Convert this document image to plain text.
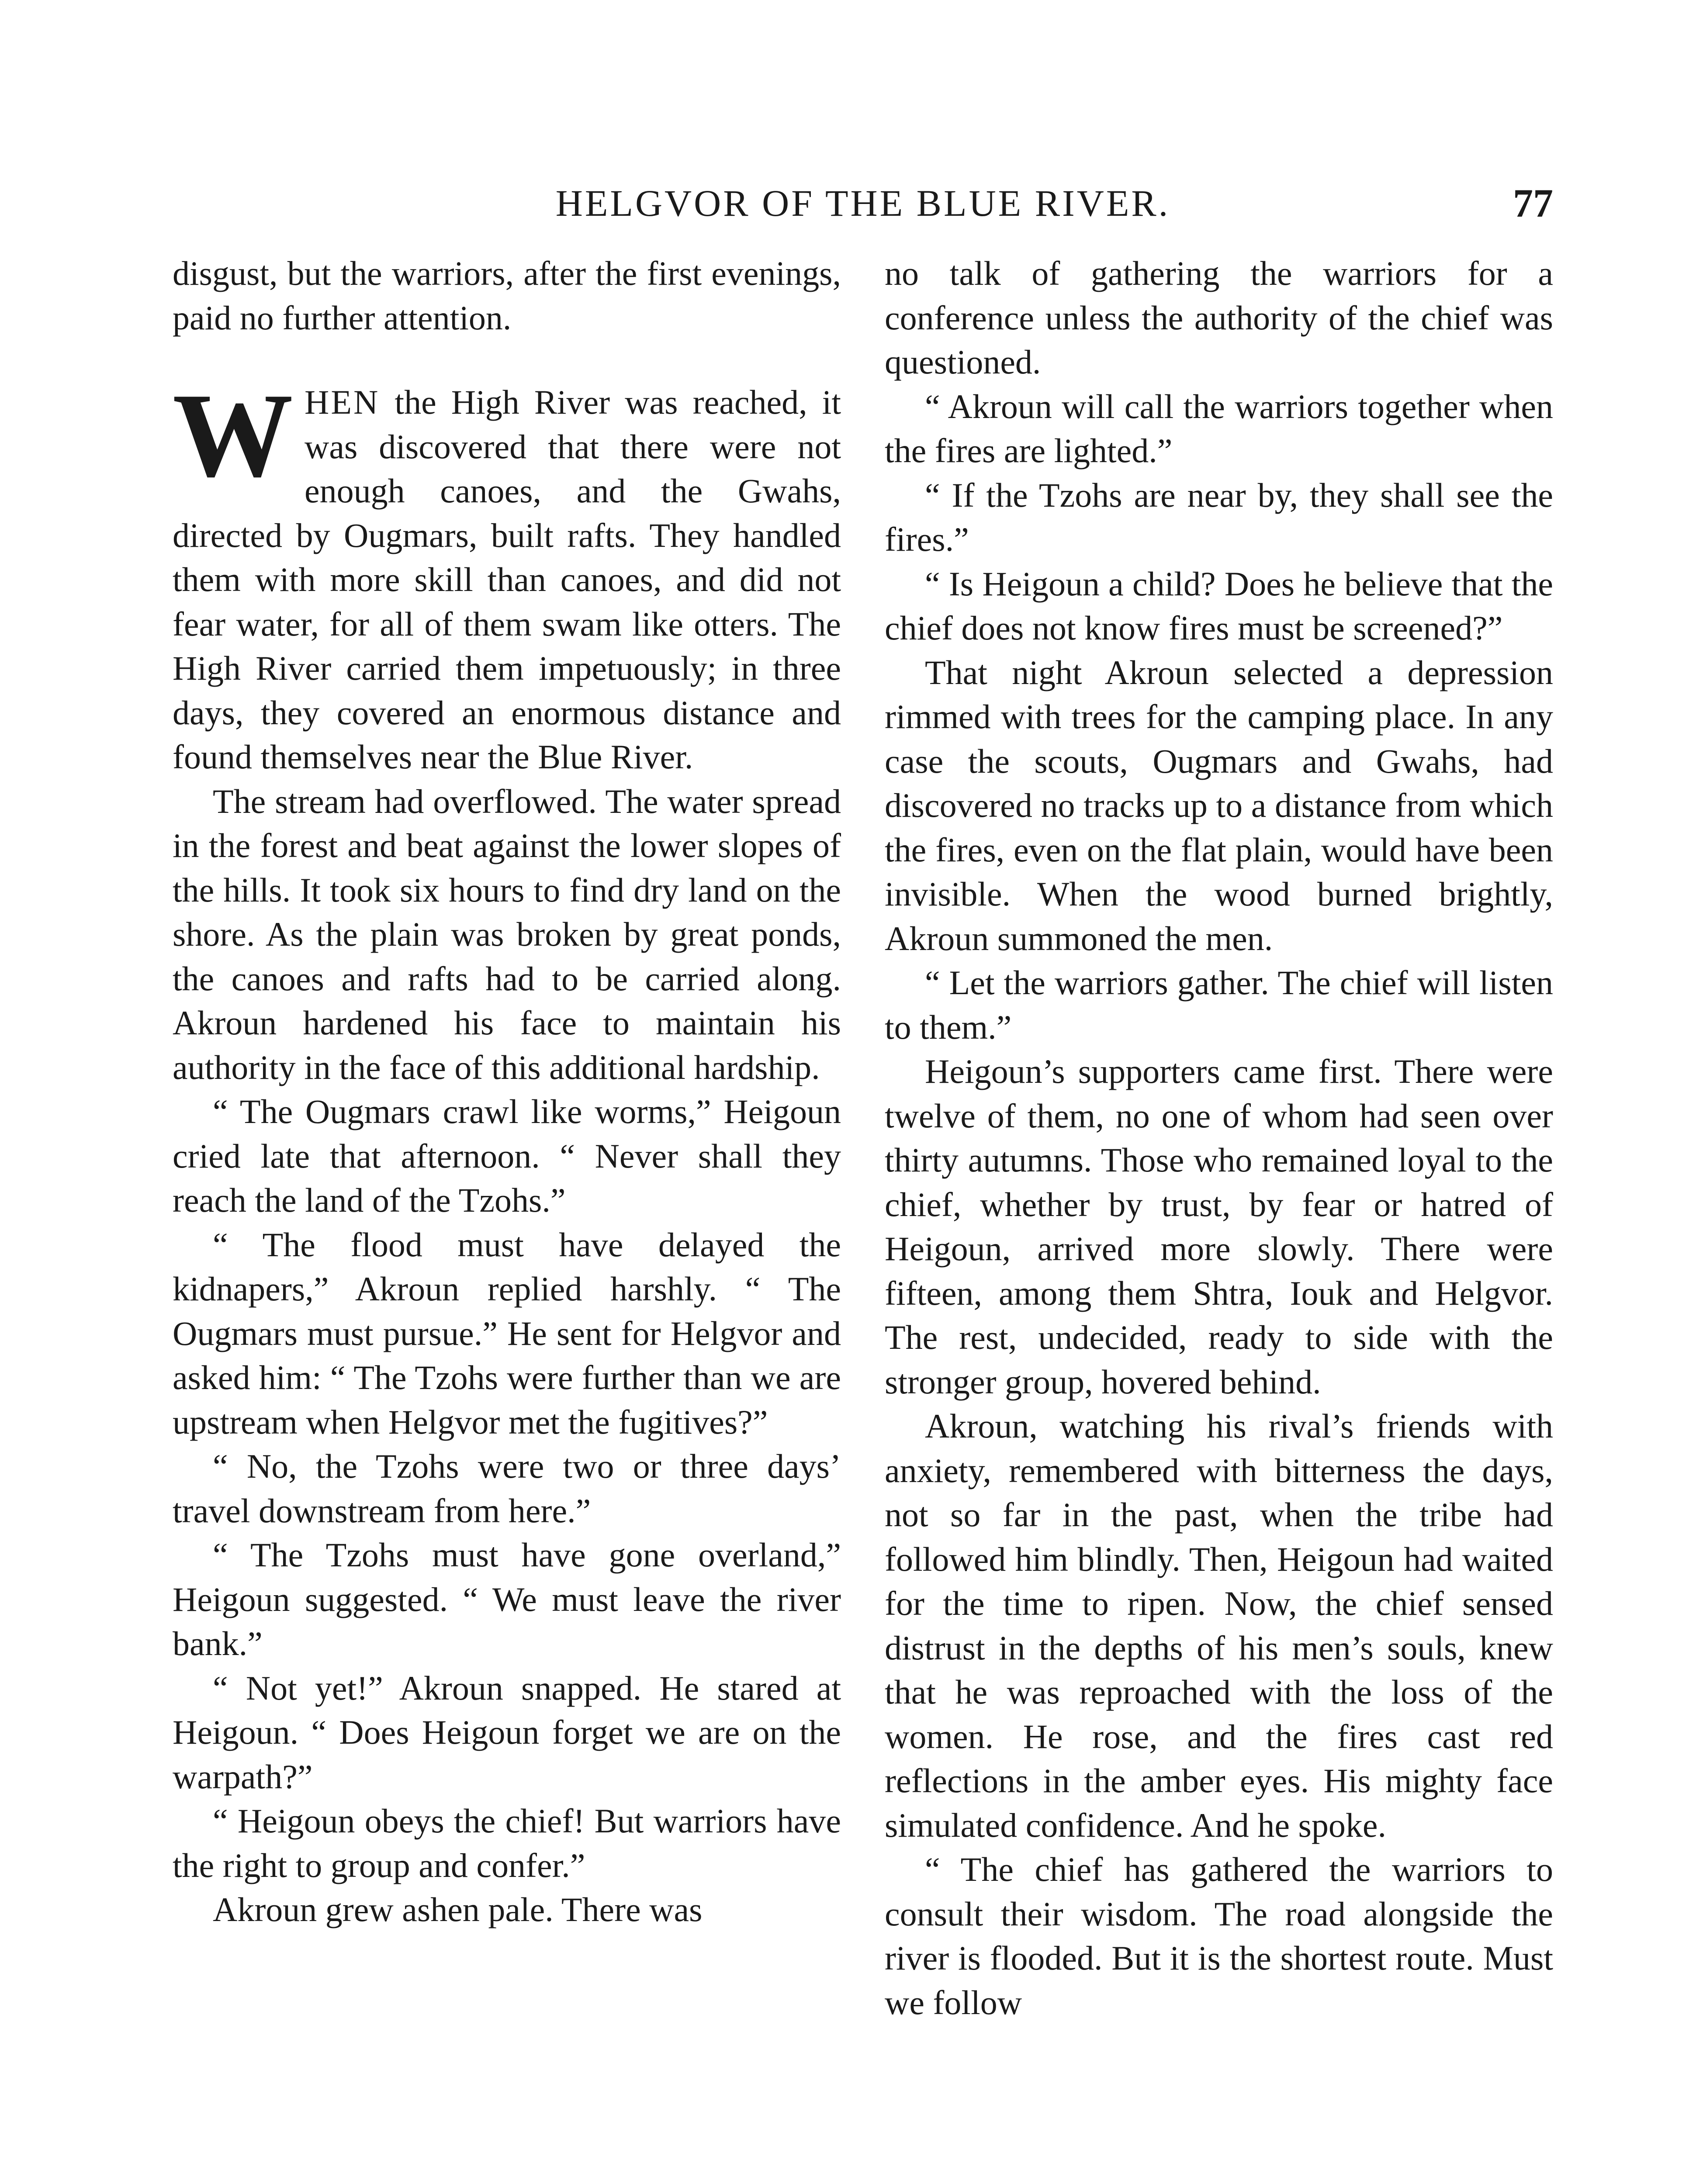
HELGVOR OF THE BLUE RIVER.	77

disgust, but the warriors, after the first evenings, paid no further attention.

WHEN the High River was reached, it was discovered that there were not enough canoes, and the Gwahs, directed by Ougmars, built rafts. They handled them with more skill than canoes, and did not fear water, for all of them swam like otters. The High River carried them impetuously; in three days, they covered an enormous distance and found themselves near the Blue River.

The stream had overflowed. The water spread in the forest and beat against the lower slopes of the hills. It took six hours to find dry land on the shore. As the plain was broken by great ponds, the canoes and rafts had to be carried along. Akroun hardened his face to maintain his authority in the face of this additional hardship.

“ The Ougmars crawl like worms,” Heigoun cried late that afternoon. “ Never shall they reach the land of the Tzohs.”

“ The flood must have delayed the kidnapers,” Akroun replied harshly. “ The Ougmars must pursue.” He sent for Helgvor and asked him: “ The Tzohs were further than we are upstream when Helgvor met the fugitives?”

“ No, the Tzohs were two or three days’ travel downstream from here.”

“ The Tzohs must have gone overland,” Heigoun suggested. “ We must leave the river bank.”

“ Not yet!” Akroun snapped. He stared at Heigoun. “ Does Heigoun forget we are on the warpath?”

“ Heigoun obeys the chief! But warriors have the right to group and confer.”

Akroun grew ashen pale. There was

no talk of gathering the warriors for a conference unless the authority of the chief was questioned.

“ Akroun will call the warriors together when the fires are lighted.”

“ If the Tzohs are near by, they shall see the fires.”

“ Is Heigoun a child? Does he believe that the chief does not know fires must be screened?”

That night Akroun selected a depression rimmed with trees for the camping place. In any case the scouts, Ougmars and Gwahs, had discovered no tracks up to a distance from which the fires, even on the flat plain, would have been invisible. When the wood burned brightly, Akroun summoned the men.

“ Let the warriors gather. The chief will listen to them.”

Heigoun’s supporters came first. There were twelve of them, no one of whom had seen over thirty autumns. Those who remained loyal to the chief, whether by trust, by fear or hatred of Heigoun, arrived more slowly. There were fifteen, among them Shtra, Iouk and Helgvor. The rest, undecided, ready to side with the stronger group, hovered behind.

Akroun, watching his rival’s friends with anxiety, remembered with bitterness the days, not so far in the past, when the tribe had followed him blindly. Then, Heigoun had waited for the time to ripen. Now, the chief sensed distrust in the depths of his men’s souls, knew that he was reproached with the loss of the women. He rose, and the fires cast red reflections in the amber eyes. His mighty face simulated confidence. And he spoke.

“ The chief has gathered the warriors to consult their wisdom. The road alongside the river is flooded. But it is the shortest route. Must we follow
